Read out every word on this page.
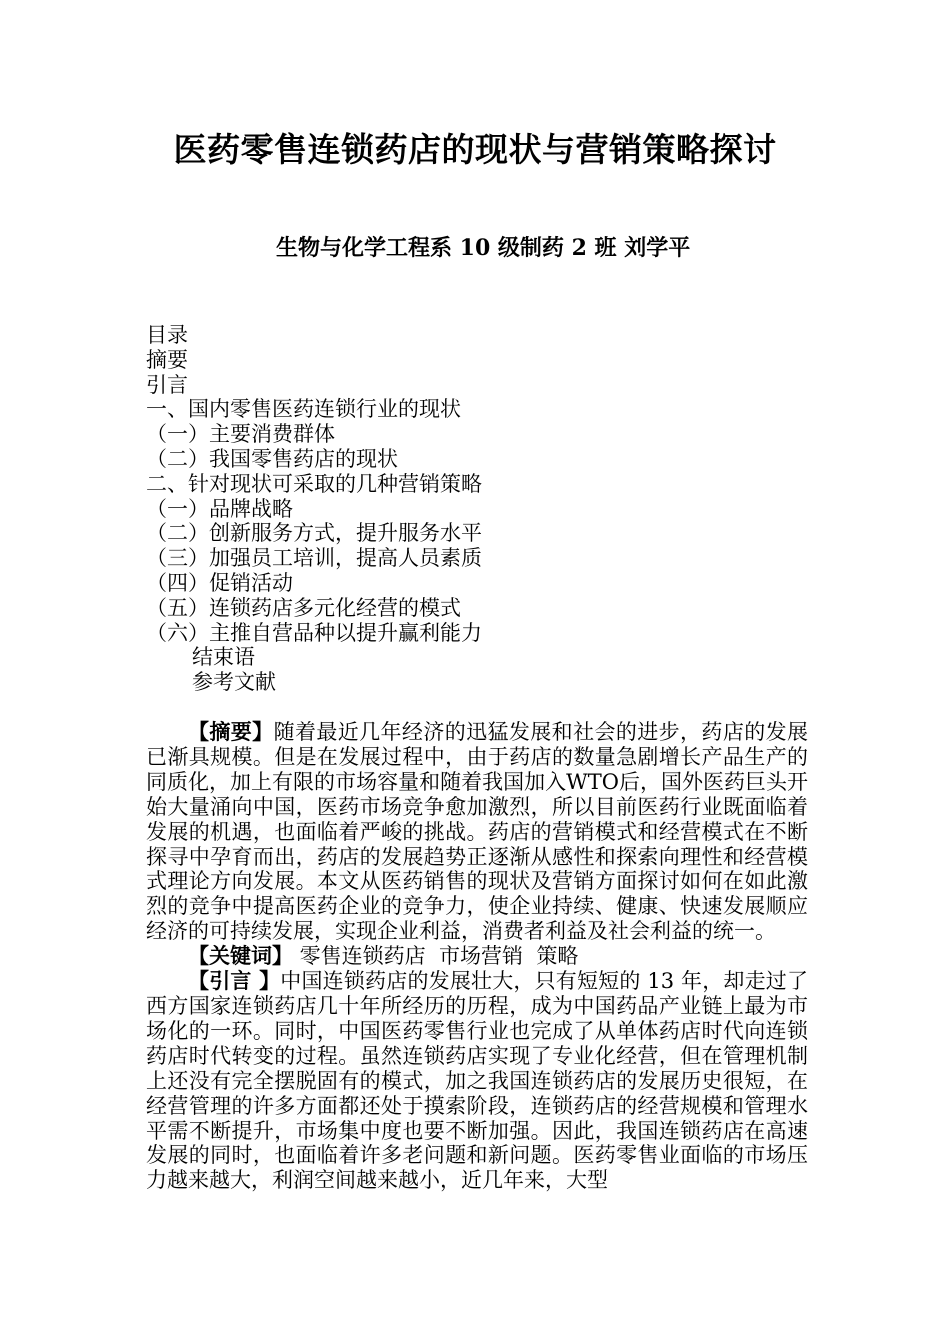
医药零售连锁药店的现状与营销策略探讨
生物与化学工程系 10 级制药 2 班 刘学平
目录
摘要
引言
一、国内零售医药连锁行业的现状
（一）主要消费群体
（二）我国零售药店的现状
二、针对现状可采取的几种营销策略
（一）品牌战略
（二）创新服务方式，提升服务水平
（三）加强员工培训，提高人员素质
（四）促销活动
（五）连锁药店多元化经营的模式
（六）主推自营品种以提升赢利能力
结束语
参考文献

【摘要】随着最近几年经济的迅猛发展和社会的进步，药店的发展已渐具规模。但是在发展过程中，由于药店的数量急剧增长产品生产的同质化，加上有限的市场容量和随着我国加入WTO后，国外医药巨头开始大量涌向中国，医药市场竞争愈加激烈，所以目前医药行业既面临着发展的机遇，也面临着严峻的挑战。药店的营销模式和经营模式在不断探寻中孕育而出，药店的发展趋势正逐渐从感性和探索向理性和经营模式理论方向发展。本文从医药销售的现状及营销方面探讨如何在如此激烈的竞争中提高医药企业的竞争力，使企业持续、健康、快速发展顺应经济的可持续发展，实现企业利益，消费者利益及社会利益的统一。

【关键词】 零售连锁药店  市场营销  策略

【引言 】中国连锁药店的发展壮大，只有短短的 13 年，却走过了西方国家连锁药店几十年所经历的历程，成为中国药品产业链上最为市场化的一环。同时，中国医药零售行业也完成了从单体药店时代向连锁药店时代转变的过程。虽然连锁药店实现了专业化经营，但在管理机制上还没有完全摆脱固有的模式，加之我国连锁药店的发展历史很短，在经营管理的许多方面都还处于摸索阶段，连锁药店的经营规模和管理水平需不断提升，市场集中度也要不断加强。因此，我国连锁药店在高速发展的同时，也面临着许多老问题和新问题。医药零售业面临的市场压力越来越大，利润空间越来越小，近几年来，大型
